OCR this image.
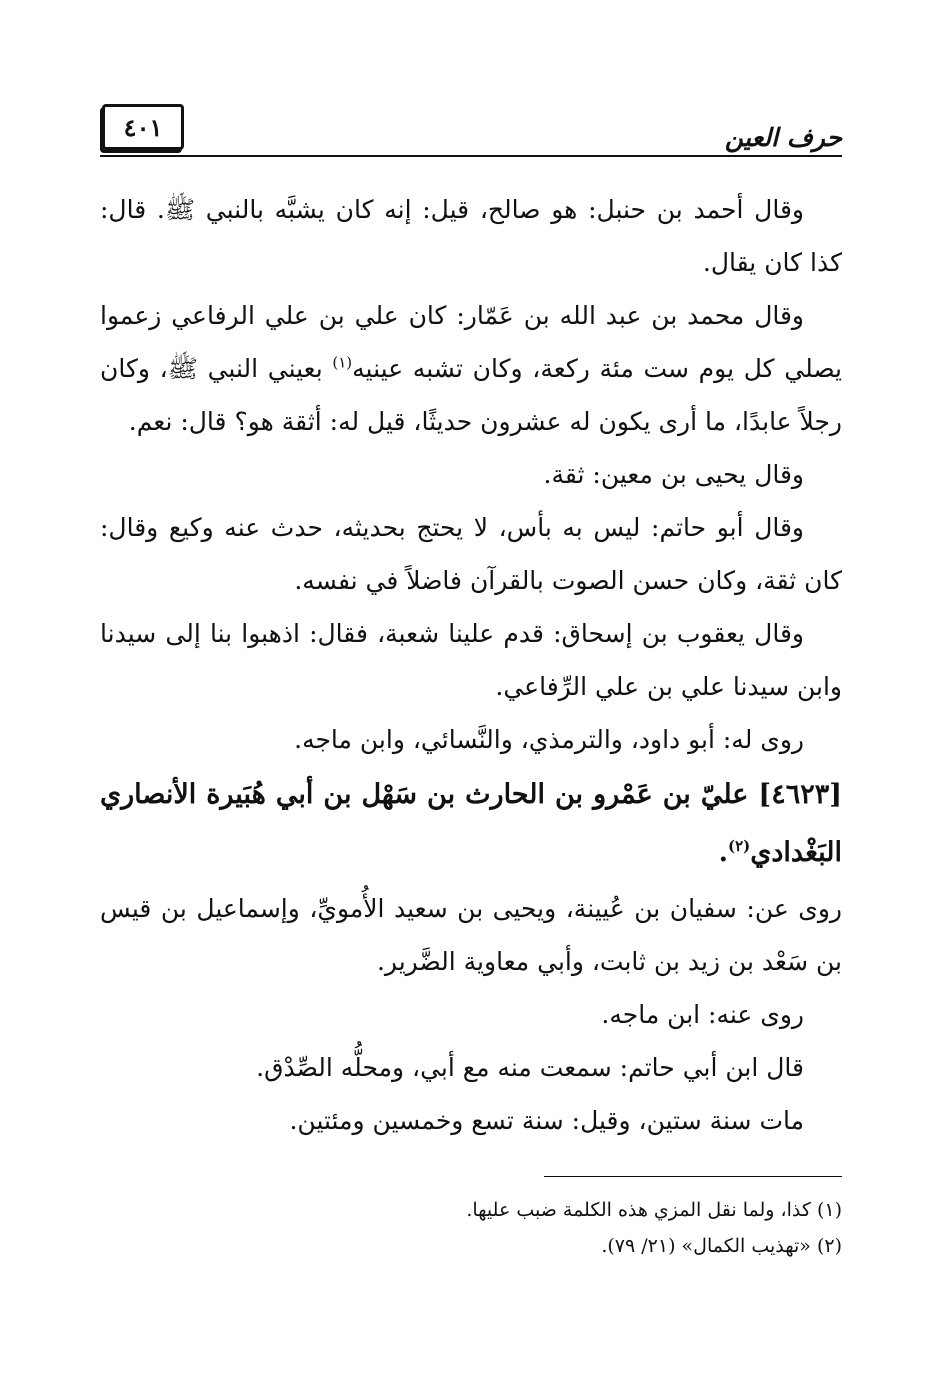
حرف العين
٤٠١

وقال أحمد بن حنبل: هو صالح، قيل: إنه كان يشبَّه بالنبي ﷺ. قال: كذا كان يقال.

وقال محمد بن عبد الله بن عَمّار: كان علي بن علي الرفاعي زعموا يصلي كل يوم ست مئة ركعة، وكان تشبه عينيه$^{(١)}$ بعيني النبي ﷺ، وكان رجلاً عابدًا، ما أرى يكون له عشرون حديثًا، قيل له: أثقة هو؟ قال: نعم.

وقال يحيى بن معين: ثقة.

وقال أبو حاتم: ليس به بأس، لا يحتج بحديثه، حدث عنه وكيع وقال: كان ثقة، وكان حسن الصوت بالقرآن فاضلاً في نفسه.

وقال يعقوب بن إسحاق: قدم علينا شعبة، فقال: اذهبوا بنا إلى سيدنا وابن سيدنا علي بن علي الرِّفاعي.

روى له: أبو داود، والترمذي، والنَّسائي، وابن ماجه.

[٤٦٢٣] عليّ بن عَمْرو بن الحارث بن سَهْل بن أبي هُبَيرة الأنصاري البَغْدادي$^{(٢)}$.

روى عن: سفيان بن عُيينة، ويحيى بن سعيد الأُمويِّ، وإسماعيل بن قيس بن سَعْد بن زيد بن ثابت، وأبي معاوية الضَّرير.

روى عنه: ابن ماجه.

قال ابن أبي حاتم: سمعت منه مع أبي، ومحلُّه الصِّدْق.

مات سنة ستين، وقيل: سنة تسع وخمسين ومئتين.

(١) كذا، ولما نقل المزي هذه الكلمة ضبب عليها.

(٢) «تهذيب الكمال» (٢١/ ٧٩).
